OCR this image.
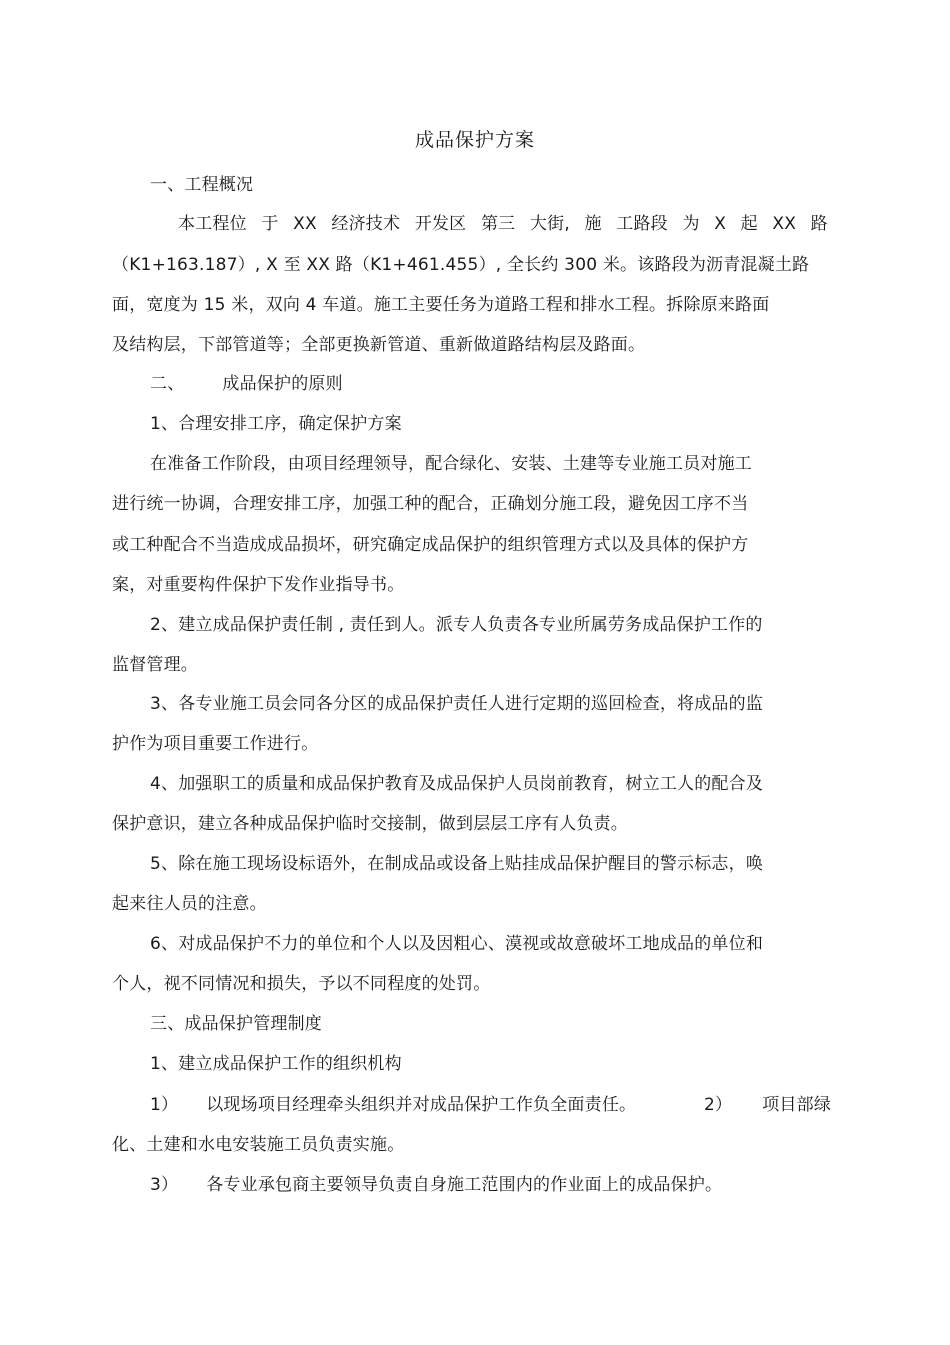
成品保护方案
一、工程概况
本工程位 于 XX 经济技术 开发区 第三 大街, 施 工路段 为 X 起 XX 路
（K1+163.187）, X 至 XX 路（K1+461.455）, 全长约 300 米。该路段为沥青混凝土路
面，宽度为 15 米，双向 4 车道。施工主要任务为道路工程和排水工程。拆除原来路面
及结构层，下部管道等；全部更换新管道、重新做道路结构层及路面。
二、 成品保护的原则
1、合理安排工序，确定保护方案
在准备工作阶段，由项目经理领导，配合绿化、安装、土建等专业施工员对施工
进行统一协调，合理安排工序，加强工种的配合，正确划分施工段，避免因工序不当
或工种配合不当造成成品损坏，研究确定成品保护的组织管理方式以及具体的保护方
案，对重要构件保护下发作业指导书。
2、建立成品保护责任制 , 责任到人。派专人负责各专业所属劳务成品保护工作的
监督管理。
3、各专业施工员会同各分区的成品保护责任人进行定期的巡回检查，将成品的监
护作为项目重要工作进行。
4、加强职工的质量和成品保护教育及成品保护人员岗前教育，树立工人的配合及
保护意识，建立各种成品保护临时交接制，做到层层工序有人负责。
5、除在施工现场设标语外，在制成品或设备上贴挂成品保护醒目的警示标志，唤
起来往人员的注意。
6、对成品保护不力的单位和个人以及因粗心、漠视或故意破坏工地成品的单位和
个人，视不同情况和损失，予以不同程度的处罚。
三、成品保护管理制度
1、建立成品保护工作的组织机构
1） 以现场项目经理牵头组织并对成品保护工作负全面责任。	2） 项目部绿
化、土建和水电安装施工员负责实施。
3） 各专业承包商主要领导负责自身施工范围内的作业面上的成品保护。
